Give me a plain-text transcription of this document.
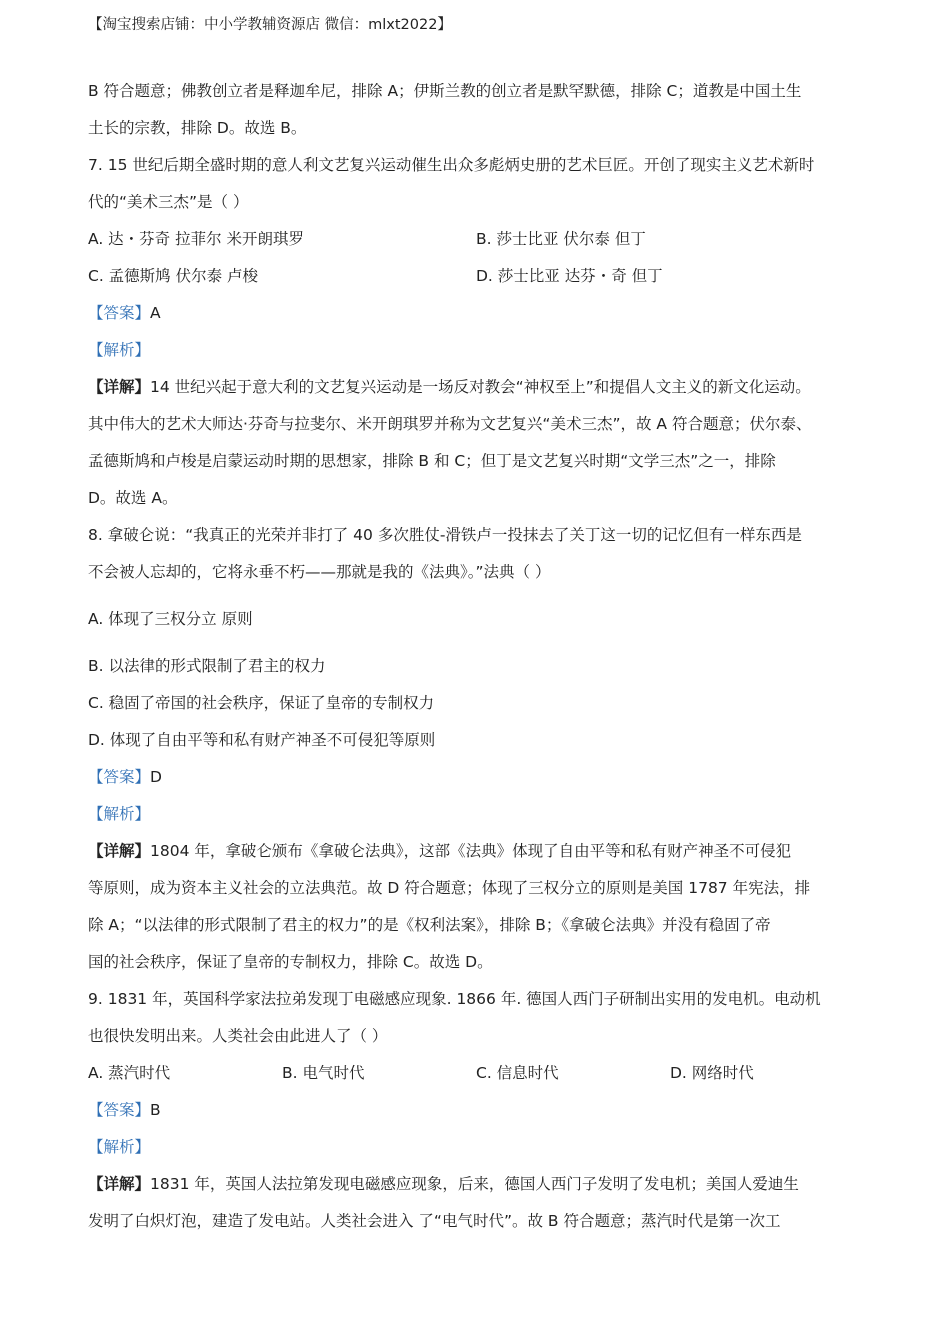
【淘宝搜索店铺：中小学教辅资源店 微信：mlxt2022】
B 符合题意；佛教创立者是释迦牟尼，排除 A；伊斯兰教的创立者是默罕默德，排除 C；道教是中国土生
土长的宗教，排除 D。故选 B。
7. 15 世纪后期全盛时期的意人利文艺复兴运动催生出众多彪炳史册的艺术巨匠。开创了现实主义艺术新时
代的“美术三杰”是（ ）
A. 达・芬奇 拉菲尔 米开朗琪罗	B. 莎士比亚 伏尔泰 但丁
C. 孟德斯鸠 伏尔泰 卢梭	D. 莎士比亚 达芬・奇 但丁
【答案】A
【解析】
【详解】14 世纪兴起于意大利的文艺复兴运动是一场反对教会“神权至上”和提倡人文主义的新文化运动。
其中伟大的艺术大师达·芬奇与拉斐尔、米开朗琪罗并称为文艺复兴“美术三杰”，故 A 符合题意；伏尔泰、
孟德斯鸠和卢梭是启蒙运动时期的思想家，排除 B 和 C；但丁是文艺复兴时期“文学三杰”之一，排除
D。故选 A。
8. 拿破仑说：“我真正的光荣并非打了 40 多次胜仗-滑铁卢一投抹去了关丁这一切的记忆但有一样东西是
不会被人忘却的，它将永垂不朽——那就是我的《法典》。”法典（ ）
A. 体现了三权分立 原则
B. 以法律的形式限制了君主的权力
C. 稳固了帝国的社会秩序，保证了皇帝的专制权力
D. 体现了自由平等和私有财产神圣不可侵犯等原则
【答案】D
【解析】
【详解】1804 年，拿破仑颁布《拿破仑法典》，这部《法典》体现了自由平等和私有财产神圣不可侵犯
等原则，成为资本主义社会的立法典范。故 D 符合题意；体现了三权分立的原则是美国 1787 年宪法，排
除 A；“以法律的形式限制了君主的权力”的是《权利法案》，排除 B；《拿破仑法典》并没有稳固了帝
国的社会秩序，保证了皇帝的专制权力，排除 C。故选 D。
9. 1831 年，英国科学家法拉弟发现丁电磁感应现象. 1866 年. 德国人西门子研制出实用的发电机。电动机
也很快发明出来。人类社会由此进人了（ ）
A. 蒸汽时代	B. 电气时代	C. 信息时代	D. 网络时代
【答案】B
【解析】
【详解】1831 年，英国人法拉第发现电磁感应现象，后来，德国人西门子发明了发电机；美国人爱迪生
发明了白炽灯泡，建造了发电站。人类社会进入 了“电气时代”。故 B 符合题意；蒸汽时代是第一次工
